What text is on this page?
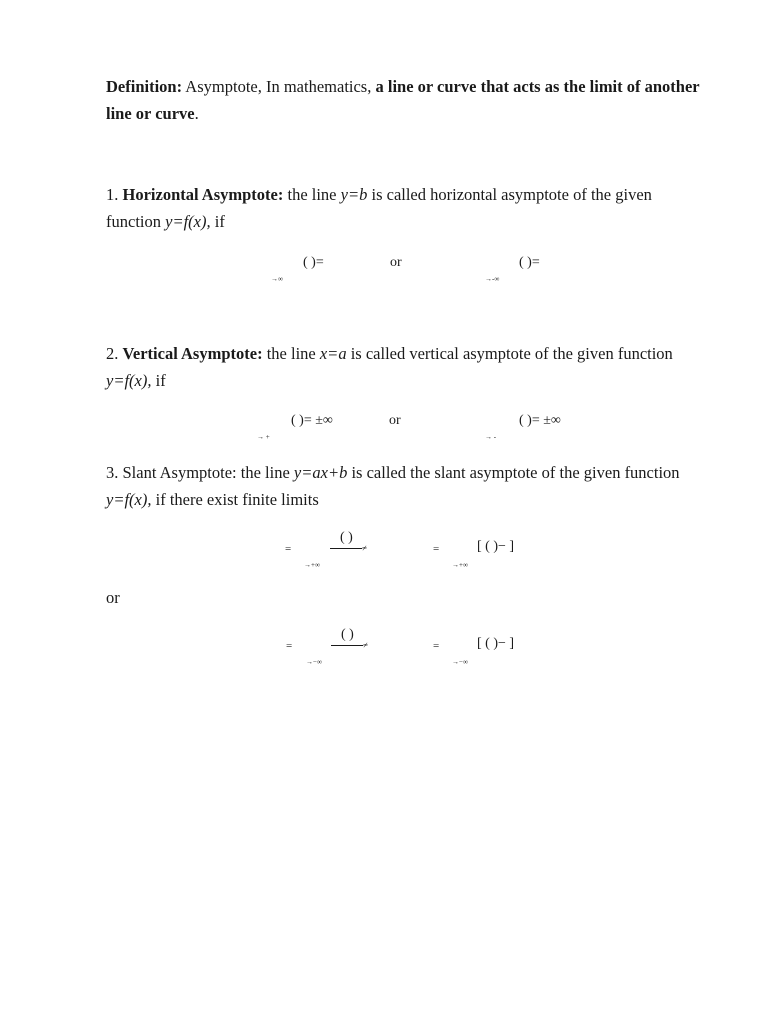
Definition: Asymptote, In mathematics, a line or curve that acts as the limit of another line or curve.
1. Horizontal Asymptote: the line y=b is called horizontal asymptote of the given function y=f(x), if
( )=
→∞
or	( )=
→-∞
2. Vertical Asymptote: the line x=a is called vertical asymptote of the given function y=f(x), if
( )= ±∞
→ +
or	( )= ±∞
→ -
3. Slant Asymptote: the line y=ax+b is called the slant asymptote of the given function y=f(x), if there exist finite limits
=
( )
≠
→+∞
=	[ ( )− ]
→+∞
or
=
( )
≠
→−∞
=	[ ( )− ]
→−∞
